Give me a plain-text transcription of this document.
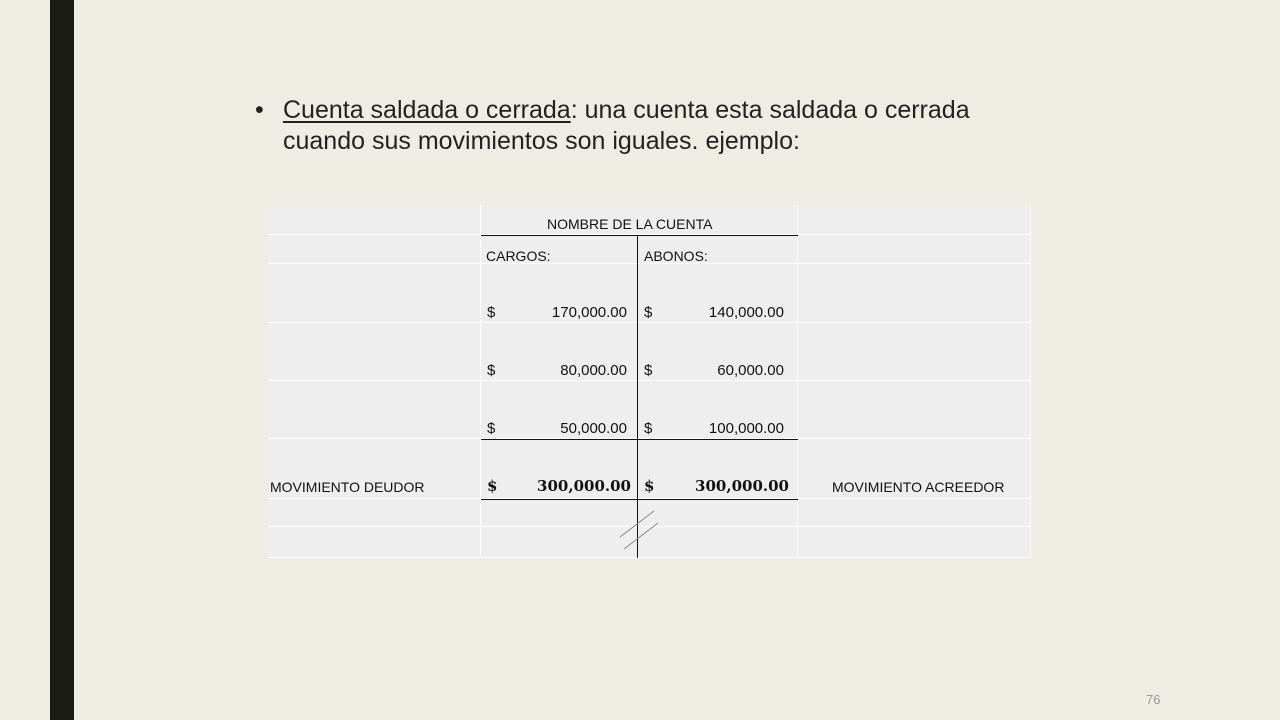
• Cuenta saldada o cerrada: una cuenta esta saldada o cerrada cuando sus movimientos son iguales. ejemplo:
NOMBRE DE LA CUENTA
CARGOS:	ABONOS:
$	170,000.00 $	140,000.00
$	80,000.00 $	60,000.00
$	50,000.00 $	100,000.00
MOVIMIENTO DEUDOR	$	300,000.00 $	300,000.00	MOVIMIENTO ACREEDOR
76
